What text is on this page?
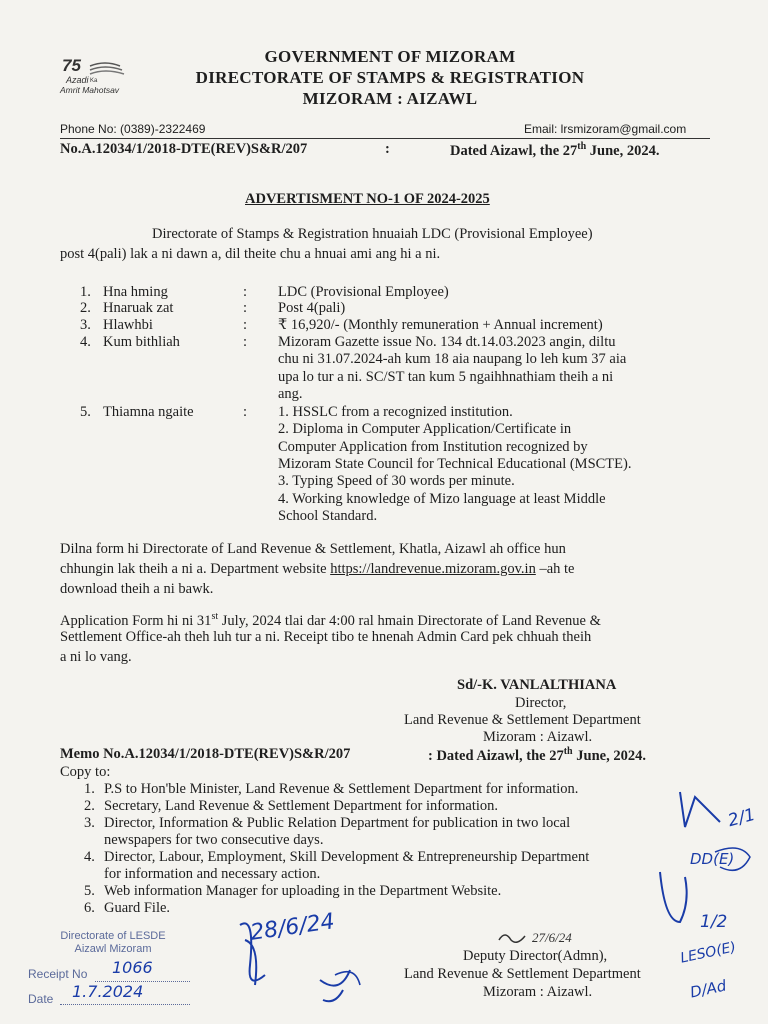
75
Azadi Ka
Amrit Mahotsav
GOVERNMENT OF MIZORAM
DIRECTORATE OF STAMPS & REGISTRATION
MIZORAM : AIZAWL
Phone No: (0389)-2322469	Email: lrsmizoram@gmail.com
No.A.12034/1/2018-DTE(REV)S&R/207	:	Dated Aizawl, the 27th June, 2024.
ADVERTISMENT NO-1 OF 2024-2025
Directorate of Stamps & Registration hnuaiah LDC (Provisional Employee)
post 4(pali) lak a ni dawn a, dil theite chu a hnuai ami ang hi a ni.
1. Hna hming	:	LDC (Provisional Employee)
2. Hnaruak zat	:	Post 4(pali)
3. Hlawhbi	:	₹ 16,920/- (Monthly remuneration + Annual increment)
4. Kum bithliah	:	Mizoram Gazette issue No. 134 dt.14.03.2023 angin, diltu
chu ni 31.07.2024-ah kum 18 aia naupang lo leh kum 37 aia
upa lo tur a ni. SC/ST tan kum 5 ngaihhnathiam theih a ni
ang.
5. Thiamna ngaite	:	1. HSSLC from a recognized institution.
2. Diploma in Computer Application/Certificate in
Computer Application from Institution recognized by
Mizoram State Council for Technical Educational (MSCTE).
3. Typing Speed of 30 words per minute.
4. Working knowledge of Mizo language at least Middle
School Standard.
Dilna form hi Directorate of Land Revenue & Settlement, Khatla, Aizawl ah office hun
chhungin lak theih a ni a. Department website https://landrevenue.mizoram.gov.in –ah te
download theih a ni bawk.
Application Form hi ni 31st July, 2024 tlai dar 4:00 ral hmain Directorate of Land Revenue &
Settlement Office-ah theh luh tur a ni. Receipt tibo te hnenah Admin Card pek chhuah theih
a ni lo vang.
Sd/-K. VANLALTHIANA
Director,
Land Revenue & Settlement Department
Mizoram : Aizawl.
Memo No.A.12034/1/2018-DTE(REV)S&R/207	: Dated Aizawl, the 27th June, 2024.
Copy to:
1. P.S to Hon'ble Minister, Land Revenue & Settlement Department for information.
2. Secretary, Land Revenue & Settlement Department for information.
3. Director, Information & Public Relation Department for publication in two local
newspapers for two consecutive days.
4. Director, Labour, Employment, Skill Development & Entrepreneurship Department
for information and necessary action.
5. Web information Manager for uploading in the Department Website.
6. Guard File.
Deputy Director(Admn),
Land Revenue & Settlement Department
Mizoram : Aizawl.
Directorate of LESDE
Aizawl Mizoram
Receipt No 1066
Date 1.7.2024
28/6/24	27/6/24
2/1
DD(E)
1/2
LESO(E)
D/Ad
